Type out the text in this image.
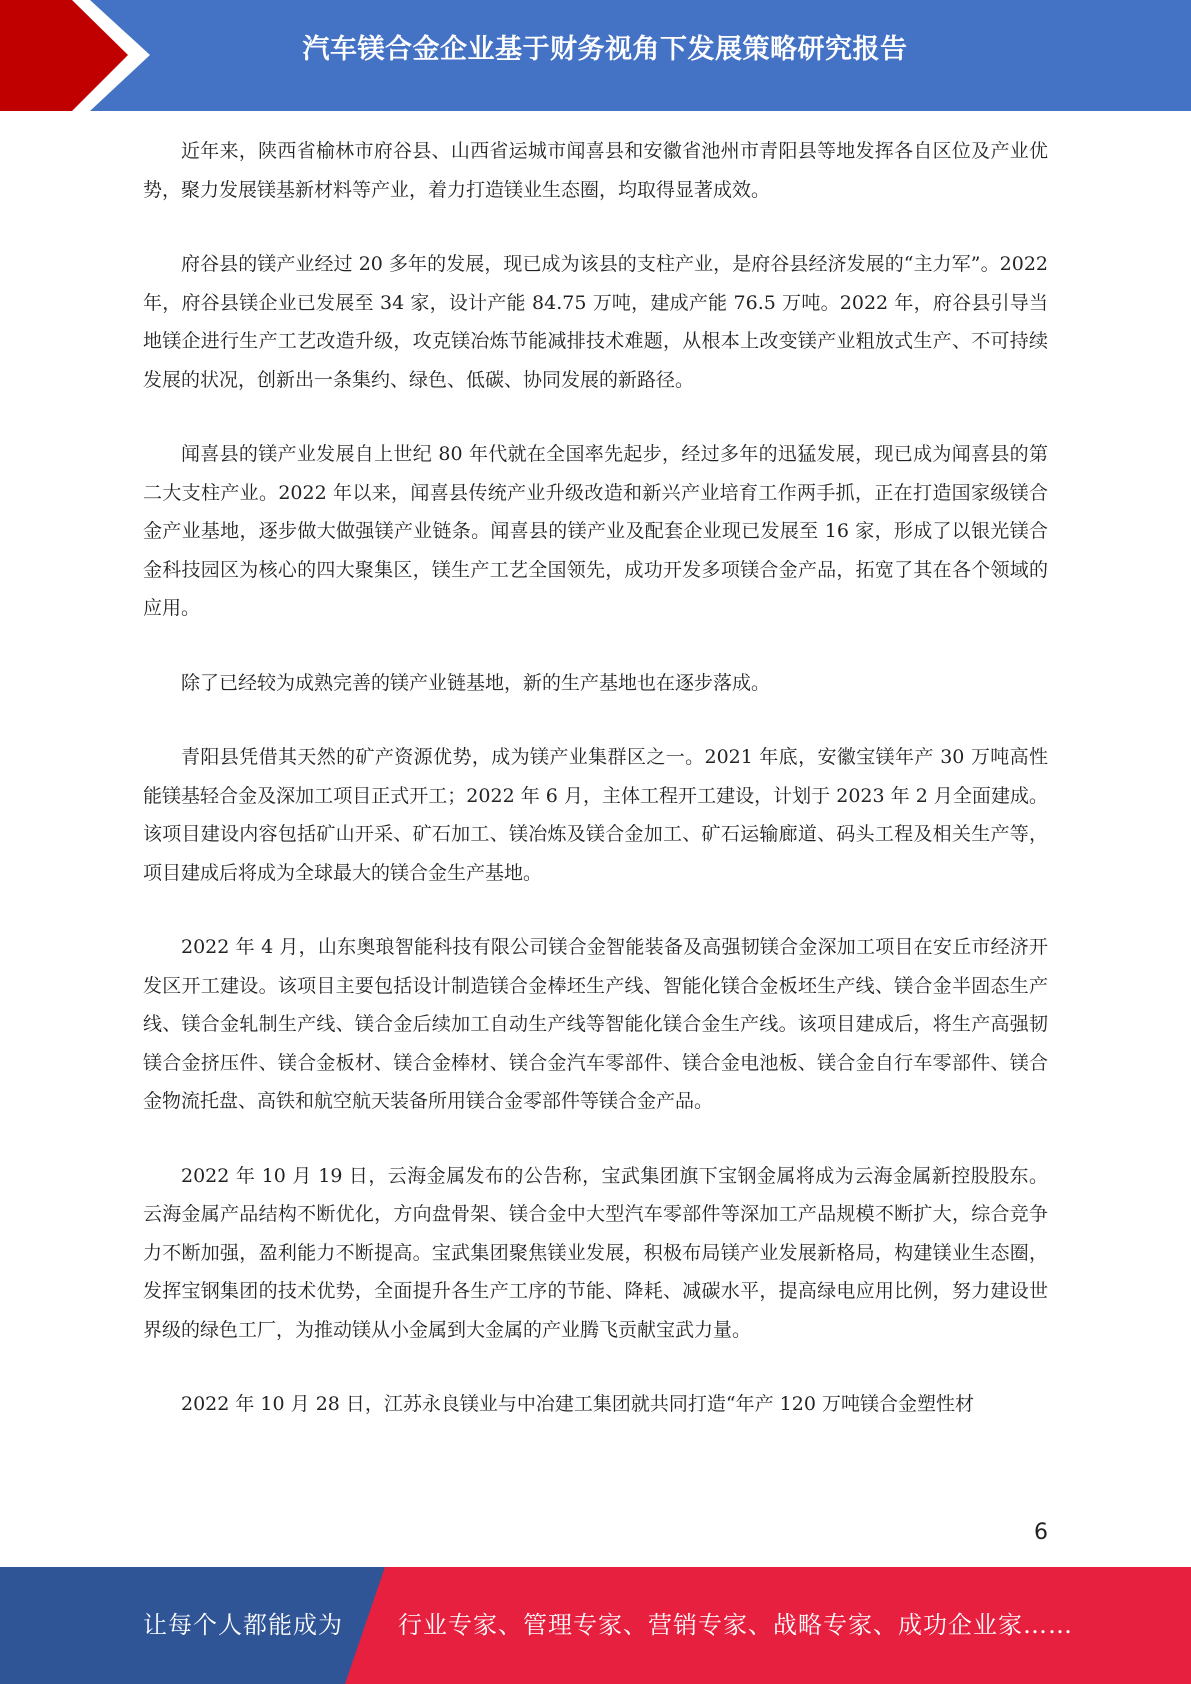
汽车镁合金企业基于财务视角下发展策略研究报告

近年来，陕西省榆林市府谷县、山西省运城市闻喜县和安徽省池州市青阳县等地发挥各自区位及产业优势，聚力发展镁基新材料等产业，着力打造镁业生态圈，均取得显著成效。

府谷县的镁产业经过 20 多年的发展，现已成为该县的支柱产业，是府谷县经济发展的“主力军”。2022 年，府谷县镁企业已发展至 34 家，设计产能 84.75 万吨，建成产能 76.5 万吨。2022 年，府谷县引导当地镁企进行生产工艺改造升级，攻克镁冶炼节能减排技术难题，从根本上改变镁产业粗放式生产、不可持续发展的状况，创新出一条集约、绿色、低碳、协同发展的新路径。

闻喜县的镁产业发展自上世纪 80 年代就在全国率先起步，经过多年的迅猛发展，现已成为闻喜县的第二大支柱产业。2022 年以来，闻喜县传统产业升级改造和新兴产业培育工作两手抓，正在打造国家级镁合金产业基地，逐步做大做强镁产业链条。闻喜县的镁产业及配套企业现已发展至 16 家，形成了以银光镁合金科技园区为核心的四大聚集区，镁生产工艺全国领先，成功开发多项镁合金产品，拓宽了其在各个领域的应用。

除了已经较为成熟完善的镁产业链基地，新的生产基地也在逐步落成。

青阳县凭借其天然的矿产资源优势，成为镁产业集群区之一。2021 年底，安徽宝镁年产 30 万吨高性能镁基轻合金及深加工项目正式开工；2022 年 6 月，主体工程开工建设，计划于 2023 年 2 月全面建成。该项目建设内容包括矿山开采、矿石加工、镁冶炼及镁合金加工、矿石运输廊道、码头工程及相关生产等，项目建成后将成为全球最大的镁合金生产基地。

2022 年 4 月，山东奥琅智能科技有限公司镁合金智能装备及高强韧镁合金深加工项目在安丘市经济开发区开工建设。该项目主要包括设计制造镁合金棒坯生产线、智能化镁合金板坯生产线、镁合金半固态生产线、镁合金轧制生产线、镁合金后续加工自动生产线等智能化镁合金生产线。该项目建成后，将生产高强韧镁合金挤压件、镁合金板材、镁合金棒材、镁合金汽车零部件、镁合金电池板、镁合金自行车零部件、镁合金物流托盘、高铁和航空航天装备所用镁合金零部件等镁合金产品。

2022 年 10 月 19 日，云海金属发布的公告称，宝武集团旗下宝钢金属将成为云海金属新控股股东。云海金属产品结构不断优化，方向盘骨架、镁合金中大型汽车零部件等深加工产品规模不断扩大，综合竞争力不断加强，盈利能力不断提高。宝武集团聚焦镁业发展，积极布局镁产业发展新格局，构建镁业生态圈，发挥宝钢集团的技术优势，全面提升各生产工序的节能、降耗、减碳水平，提高绿电应用比例，努力建设世界级的绿色工厂，为推动镁从小金属到大金属的产业腾飞贡献宝武力量。

2022 年 10 月 28 日，江苏永良镁业与中冶建工集团就共同打造“年产 120 万吨镁合金塑性材

6
让每个人都能成为 行业专家、管理专家、营销专家、战略专家、成功企业家……
